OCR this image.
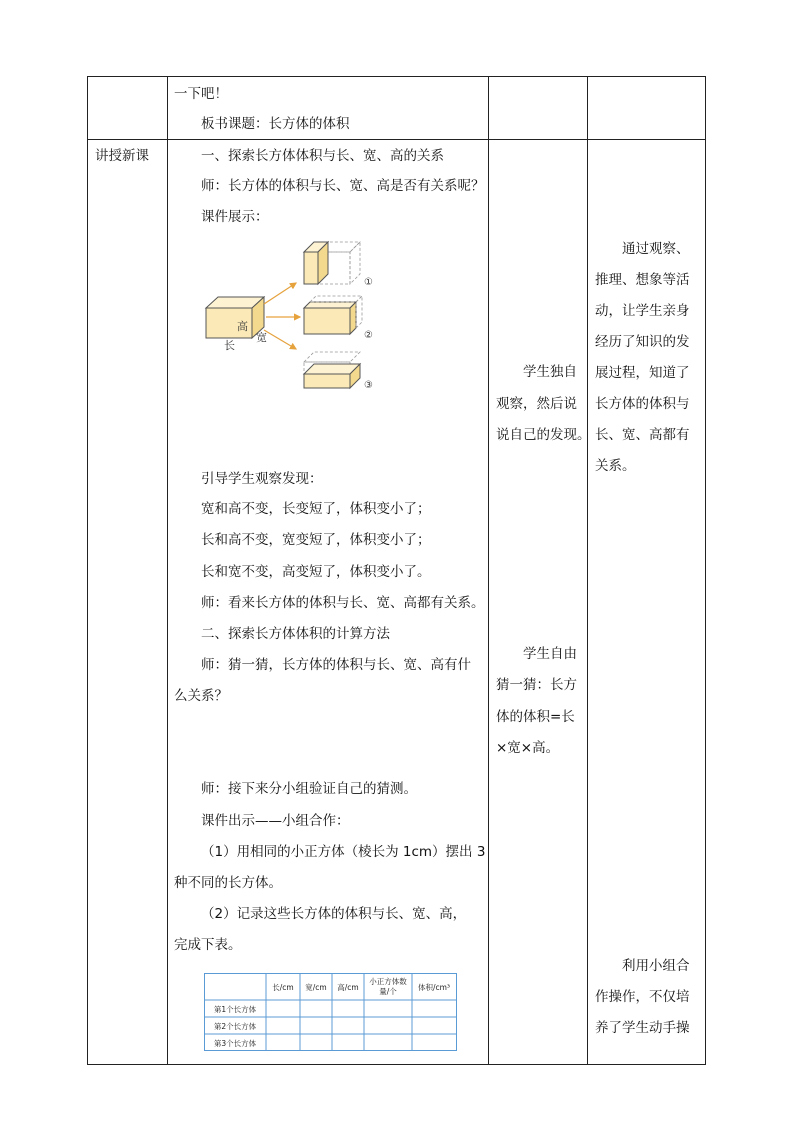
一下吧！
板书课题：长方体的体积
讲授新课	一、探索长方体体积与长、宽、高的关系
师：长方体的体积与长、宽、高是否有关系呢？
课件展示：
高
宽
长
①
②
③
引导学生观察发现：
宽和高不变，长变短了，体积变小了；
长和高不变，宽变短了，体积变小了；
长和宽不变，高变短了，体积变小了。
师：看来长方体的体积与长、宽、高都有关系。
二、探索长方体体积的计算方法
师：猜一猜，长方体的体积与长、宽、高有什
么关系？
师：接下来分小组验证自己的猜测。
课件出示——小组合作：
（1）用相同的小正方体（棱长为 1cm）摆出 3
种不同的长方体。
（2）记录这些长方体的体积与长、宽、高，
完成下表。
长/cm 宽/cm 高/cm
小正方体数
量/个	体积/cm³
第1个长方体
第2个长方体
第3个长方体
学生独自
观察，然后说
说自己的发现。
学生自由
猜一猜：长方
体的体积=长
×宽×高。
通过观察、
推理、想象等活
动，让学生亲身
经历了知识的发
展过程，知道了
长方体的体积与
长、宽、高都有
关系。
利用小组合
作操作，不仅培
养了学生动手操
